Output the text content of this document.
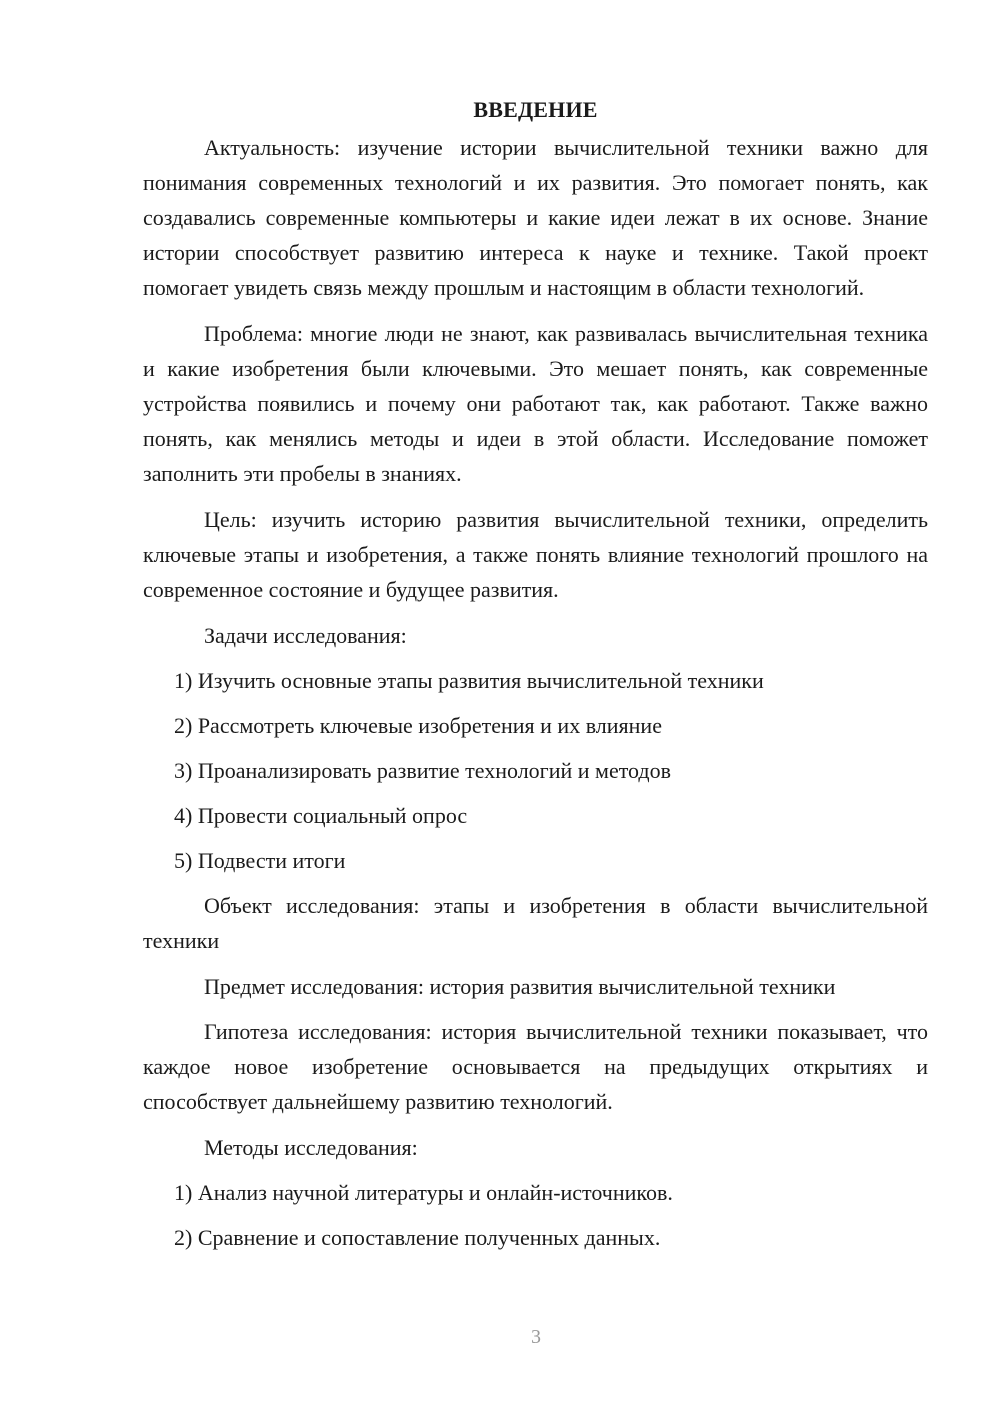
ВВЕДЕНИЕ

Актуальность: изучение истории вычислительной техники важно для понимания современных технологий и их развития. Это помогает понять, как создавались современные компьютеры и какие идеи лежат в их основе. Знание истории способствует развитию интереса к науке и технике. Такой проект помогает увидеть связь между прошлым и настоящим в области технологий.

Проблема: многие люди не знают, как развивалась вычислительная техника и какие изобретения были ключевыми. Это мешает понять, как современные устройства появились и почему они работают так, как работают. Также важно понять, как менялись методы и идеи в этой области. Исследование поможет заполнить эти пробелы в знаниях.

Цель: изучить историю развития вычислительной техники, определить ключевые этапы и изобретения, а также понять влияние технологий прошлого на современное состояние и будущее развития.

Задачи исследования:
1) Изучить основные этапы развития вычислительной техники
2) Рассмотреть ключевые изобретения и их влияние
3) Проанализировать развитие технологий и методов
4) Провести социальный опрос
5) Подвести итоги

Объект исследования: этапы и изобретения в области вычислительной техники

Предмет исследования: история развития вычислительной техники

Гипотеза исследования: история вычислительной техники показывает, что каждое новое изобретение основывается на предыдущих открытиях и способствует дальнейшему развитию технологий.

Методы исследования:
1) Анализ научной литературы и онлайн-источников.
2) Сравнение и сопоставление полученных данных.
3
